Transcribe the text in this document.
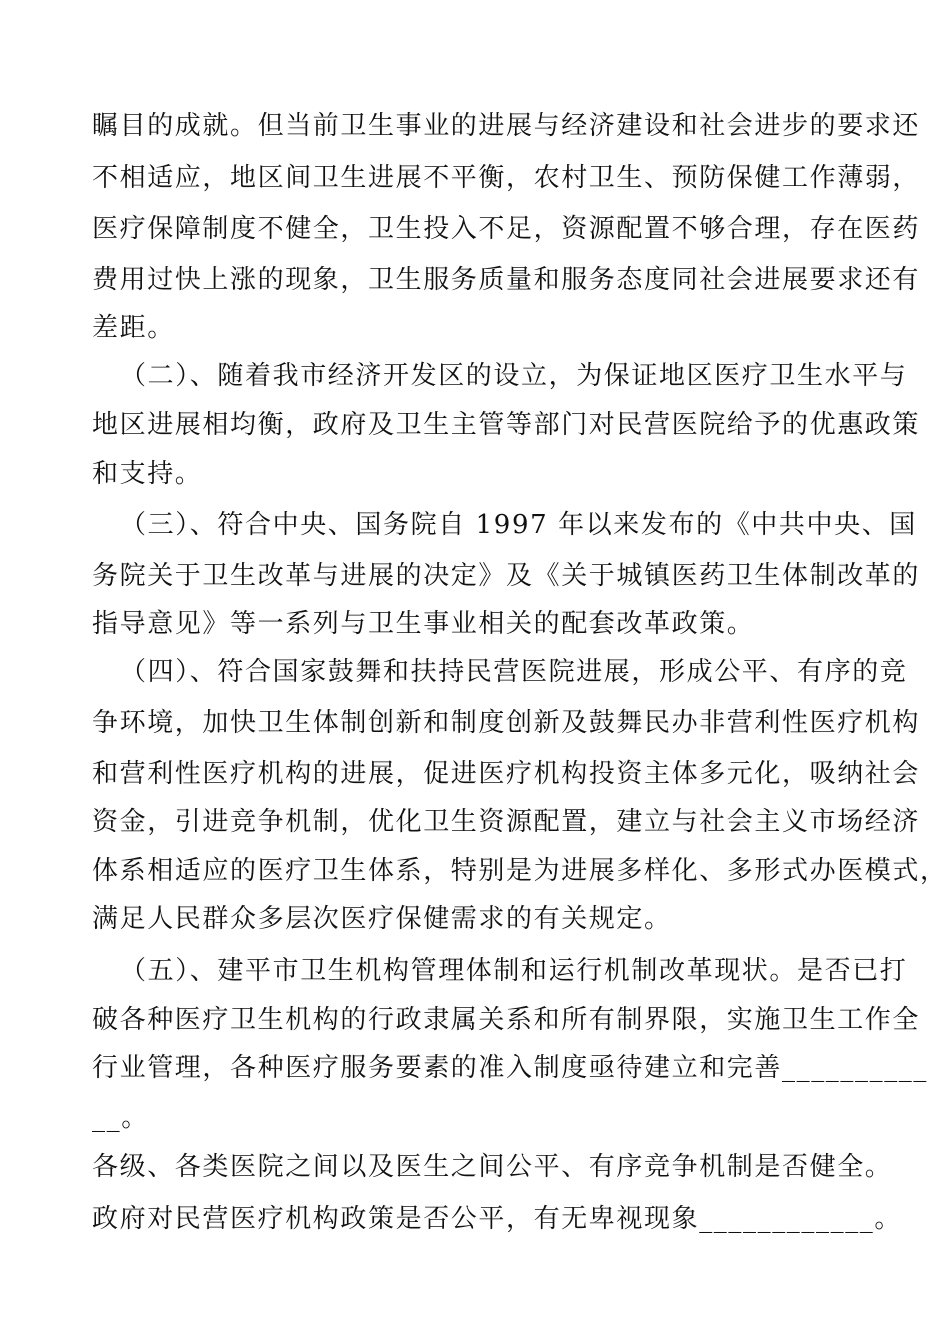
瞩目的成就。但当前卫生事业的进展与经济建设和社会进步的要求还
不相适应，地区间卫生进展不平衡，农村卫生、预防保健工作薄弱，
医疗保障制度不健全，卫生投入不足，资源配置不够合理，存在医药
费用过快上涨的现象，卫生服务质量和服务态度同社会进展要求还有
差距。
（二）、随着我市经济开发区的设立，为保证地区医疗卫生水平与
地区进展相均衡，政府及卫生主管等部门对民营医院给予的优惠政策
和支持。
（三）、符合中央、国务院自 1997 年以来发布的《中共中央、国
务院关于卫生改革与进展的决定》及《关于城镇医药卫生体制改革的
指导意见》等一系列与卫生事业相关的配套改革政策。
（四）、符合国家鼓舞和扶持民营医院进展，形成公平、有序的竞
争环境，加快卫生体制创新和制度创新及鼓舞民办非营利性医疗机构
和营利性医疗机构的进展，促进医疗机构投资主体多元化，吸纳社会
资金，引进竞争机制，优化卫生资源配置，建立与社会主义市场经济
体系相适应的医疗卫生体系，特别是为进展多样化、多形式办医模式，
满足人民群众多层次医疗保健需求的有关规定。
（五）、建平市卫生机构管理体制和运行机制改革现状。是否已打
破各种医疗卫生机构的行政隶属关系和所有制界限，实施卫生工作全
行业管理，各种医疗服务要素的准入制度亟待建立和完善__________
__。
各级、各类医院之间以及医生之间公平、有序竞争机制是否健全。
政府对民营医疗机构政策是否公平，有无卑视现象____________。
